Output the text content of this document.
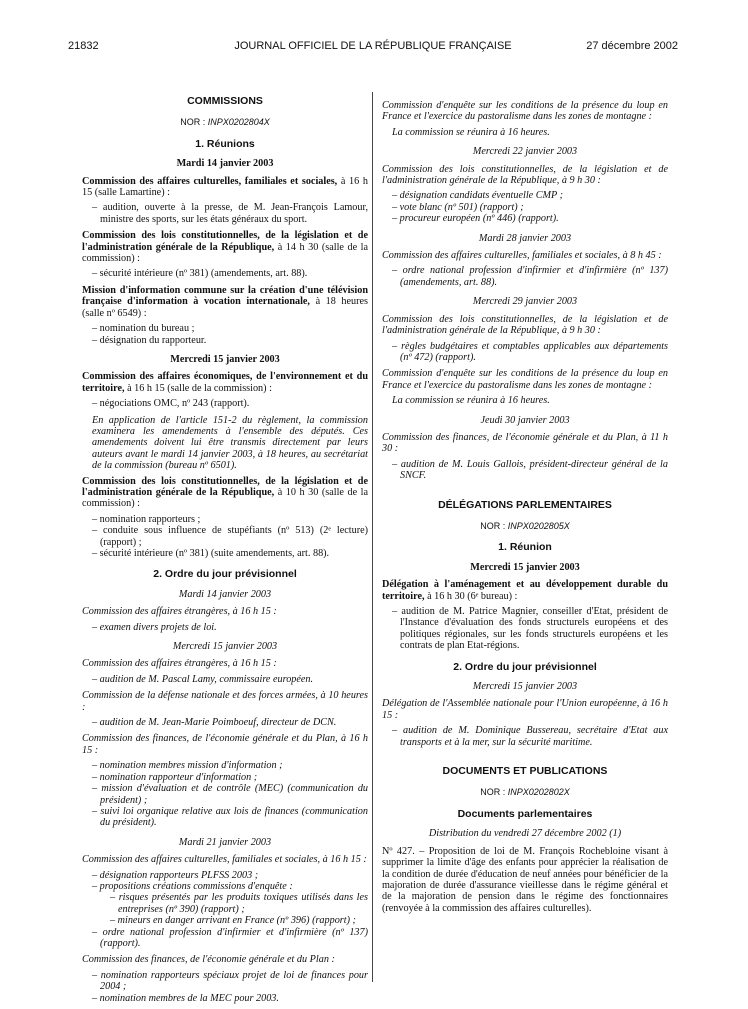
21832	JOURNAL OFFICIEL DE LA RÉPUBLIQUE FRANÇAISE	27 décembre 2002
COMMISSIONS
NOR : INPX0202804X
1. Réunions
Mardi 14 janvier 2003

Commission des affaires culturelles, familiales et sociales, à 16 h 15 (salle Lamartine) :

– audition, ouverte à la presse, de M. Jean-François Lamour, ministre des sports, sur les états généraux du sport.

Commission des lois constitutionnelles, de la législation et de l'administration générale de la République, à 14 h 30 (salle de la commission) :

– sécurité intérieure (nº 381) (amendements, art. 88).

Mission d'information commune sur la création d'une télévision française d'information à vocation internationale, à 18 heures (salle nº 6549) :

– nomination du bureau ;
– désignation du rapporteur.
Mercredi 15 janvier 2003

Commission des affaires économiques, de l'environnement et du territoire, à 16 h 15 (salle de la commission) :

– négociations OMC, nº 243 (rapport).

En application de l'article 151-2 du règlement, la commission examinera les amendements à l'ensemble des députés. Ces amendements doivent lui être transmis directement par leurs auteurs avant le mardi 14 janvier 2003, à 18 heures, au secrétariat de la commission (bureau nº 6501).

Commission des lois constitutionnelles, de la législation et de l'administration générale de la République, à 10 h 30 (salle de la commission) :

– nomination rapporteurs ;
– conduite sous influence de stupéfiants (nº 513) (2ᵉ lecture) (rapport) ;
– sécurité intérieure (nº 381) (suite amendements, art. 88).
2. Ordre du jour prévisionnel
Mardi 14 janvier 2003

Commission des affaires étrangères, à 16 h 15 :

– examen divers projets de loi.
Mercredi 15 janvier 2003

Commission des affaires étrangères, à 16 h 15 :

– audition de M. Pascal Lamy, commissaire européen.

Commission de la défense nationale et des forces armées, à 10 heures :

– audition de M. Jean-Marie Poimboeuf, directeur de DCN.

Commission des finances, de l'économie générale et du Plan, à 16 h 15 :

– nomination membres mission d'information ;
– nomination rapporteur d'information ;
– mission d'évaluation et de contrôle (MEC) (communication du président) ;
– suivi loi organique relative aux lois de finances (communication du président).
Mardi 21 janvier 2003

Commission des affaires culturelles, familiales et sociales, à 16 h 15 :

– désignation rapporteurs PLFSS 2003 ;
– propositions créations commissions d'enquête :
– risques présentés par les produits toxiques utilisés dans les entreprises (nº 390) (rapport) ;
– mineurs en danger arrivant en France (nº 396) (rapport) ;
– ordre national profession d'infirmier et d'infirmière (nº 137) (rapport).

Commission des finances, de l'économie générale et du Plan :

– nomination rapporteurs spéciaux projet de loi de finances pour 2004 ;
– nomination membres de la MEC pour 2003.

Commission d'enquête sur les conditions de la présence du loup en France et l'exercice du pastoralisme dans les zones de montagne :

La commission se réunira à 16 heures.

Mercredi 22 janvier 2003

Commission des lois constitutionnelles, de la législation et de l'administration générale de la République, à 9 h 30 :

– désignation candidats éventuelle CMP ;
– vote blanc (nº 501) (rapport) ;
– procureur européen (nº 446) (rapport).
Mardi 28 janvier 2003

Commission des affaires culturelles, familiales et sociales, à 8 h 45 :

– ordre national profession d'infirmier et d'infirmière (nº 137) (amendements, art. 88).
Mercredi 29 janvier 2003

Commission des lois constitutionnelles, de la législation et de l'administration générale de la République, à 9 h 30 :

– règles budgétaires et comptables applicables aux départements (nº 472) (rapport).

Commission d'enquête sur les conditions de la présence du loup en France et l'exercice du pastoralisme dans les zones de montagne :

La commission se réunira à 16 heures.

Jeudi 30 janvier 2003

Commission des finances, de l'économie générale et du Plan, à 11 h 30 :

– audition de M. Louis Gallois, président-directeur général de la SNCF.
DÉLÉGATIONS PARLEMENTAIRES
NOR : INPX0202805X
1. Réunion
Mercredi 15 janvier 2003

Délégation à l'aménagement et au développement durable du territoire, à 16 h 30 (6ᵉ bureau) :

– audition de M. Patrice Magnier, conseiller d'Etat, président de l'Instance d'évaluation des fonds structurels européens et des politiques régionales, sur les fonds structurels européens et les contrats de plan Etat-régions.
2. Ordre du jour prévisionnel
Mercredi 15 janvier 2003

Délégation de l'Assemblée nationale pour l'Union européenne, à 16 h 15 :

– audition de M. Dominique Bussereau, secrétaire d'Etat aux transports et à la mer, sur la sécurité maritime.
DOCUMENTS ET PUBLICATIONS
NOR : INPX0202802X
Documents parlementaires
Distribution du vendredi 27 décembre 2002 (1)

Nº 427. – Proposition de loi de M. François Rochebloine visant à supprimer la limite d'âge des enfants pour apprécier la réalisation de la condition de durée d'éducation de neuf années pour bénéficier de la majoration de durée d'assurance vieillesse dans le régime général et de la majoration de pension dans le régime des fonctionnaires (renvoyée à la commission des affaires culturelles).
